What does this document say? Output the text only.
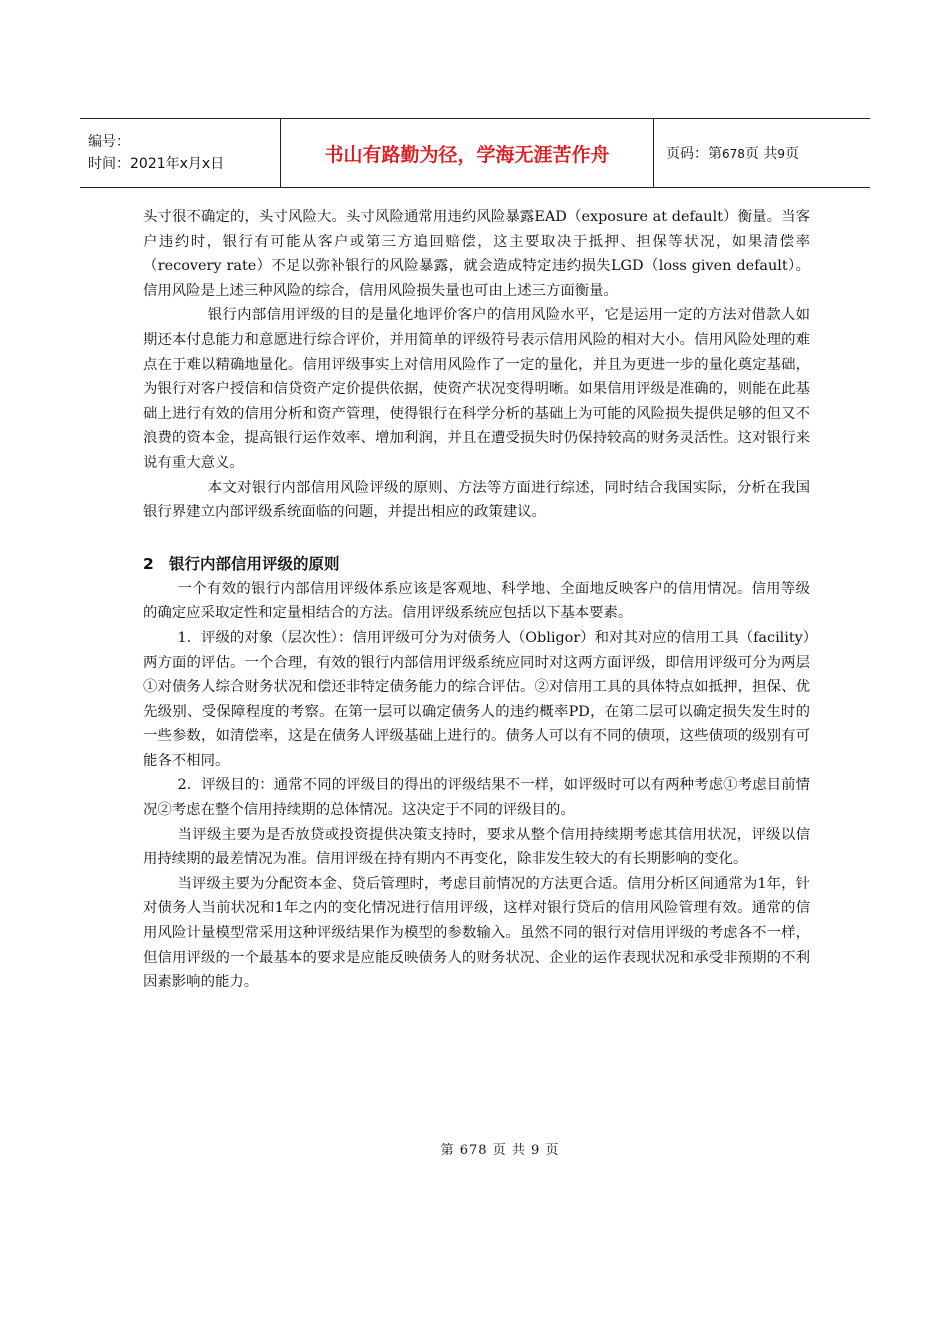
编号：
时间：2021年x月x日	书山有路勤为径，学海无涯苦作舟	页码：第678页 共9页

头寸很不确定的，头寸风险大。头寸风险通常用违约风险暴露EAD（exposure at default）衡量。当客户违约时，银行有可能从客户或第三方追回赔偿，这主要取决于抵押、担保等状况，如果清偿率（recovery rate）不足以弥补银行的风险暴露，就会造成特定违约损失LGD（loss given default）。信用风险是上述三种风险的综合，信用风险损失量也可由上述三方面衡量。

银行内部信用评级的目的是量化地评价客户的信用风险水平，它是运用一定的方法对借款人如期还本付息能力和意愿进行综合评价，并用简单的评级符号表示信用风险的相对大小。信用风险处理的难点在于难以精确地量化。信用评级事实上对信用风险作了一定的量化，并且为更进一步的量化奠定基础，为银行对客户授信和信贷资产定价提供依据，使资产状况变得明晰。如果信用评级是准确的，则能在此基础上进行有效的信用分析和资产管理，使得银行在科学分析的基础上为可能的风险损失提供足够的但又不浪费的资本金，提高银行运作效率、增加利润，并且在遭受损失时仍保持较高的财务灵活性。这对银行来说有重大意义。

本文对银行内部信用风险评级的原则、方法等方面进行综述，同时结合我国实际，分析在我国银行界建立内部评级系统面临的问题，并提出相应的政策建议。

2 银行内部信用评级的原则

一个有效的银行内部信用评级体系应该是客观地、科学地、全面地反映客户的信用情况。信用等级的确定应采取定性和定量相结合的方法。信用评级系统应包括以下基本要素。

1．评级的对象（层次性）：信用评级可分为对债务人（Obligor）和对其对应的信用工具（facility）两方面的评估。一个合理，有效的银行内部信用评级系统应同时对这两方面评级，即信用评级可分为两层①对债务人综合财务状况和偿还非特定债务能力的综合评估。②对信用工具的具体特点如抵押，担保、优先级别、受保障程度的考察。在第一层可以确定债务人的违约概率PD，在第二层可以确定损失发生时的一些参数，如清偿率，这是在债务人评级基础上进行的。债务人可以有不同的债项，这些债项的级别有可能各不相同。

2．评级目的：通常不同的评级目的得出的评级结果不一样，如评级时可以有两种考虑①考虑目前情况②考虑在整个信用持续期的总体情况。这决定于不同的评级目的。

当评级主要为是否放贷或投资提供决策支持时，要求从整个信用持续期考虑其信用状况，评级以信用持续期的最差情况为准。信用评级在持有期内不再变化，除非发生较大的有长期影响的变化。

当评级主要为分配资本金、贷后管理时，考虑目前情况的方法更合适。信用分析区间通常为1年，针对债务人当前状况和1年之内的变化情况进行信用评级，这样对银行贷后的信用风险管理有效。通常的信用风险计量模型常采用这种评级结果作为模型的参数输入。虽然不同的银行对信用评级的考虑各不一样，但信用评级的一个最基本的要求是应能反映债务人的财务状况、企业的运作表现状况和承受非预期的不利因素影响的能力。

第 678 页 共 9 页
